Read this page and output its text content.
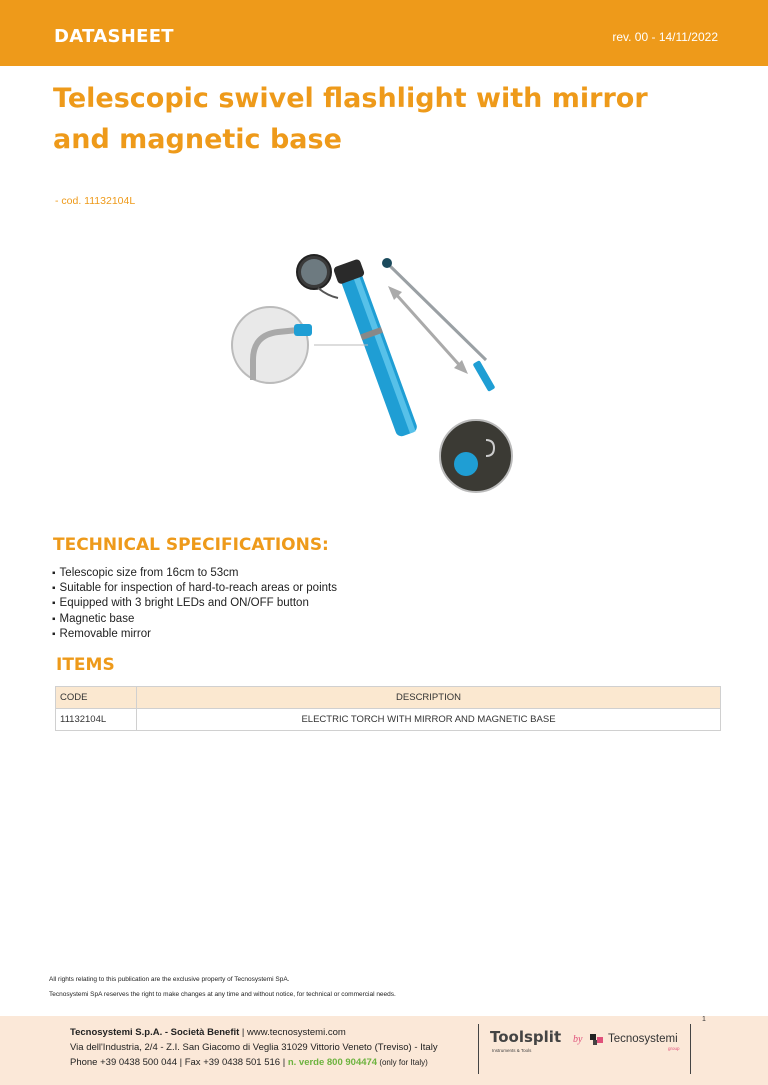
DATASHEET	rev. 00 - 14/11/2022
Telescopic swivel flashlight with mirror
and magnetic base
- cod. 11132104L
TECHNICAL SPECIFICATIONS:
▪ Telescopic size from 16cm to 53cm
▪ Suitable for inspection of hard-to-reach areas or points
▪ Equipped with 3 bright LEDs and ON/OFF button
▪ Magnetic base
▪ Removable mirror
ITEMS
CODE	DESCRIPTION
11132104L	ELECTRIC TORCH WITH MIRROR AND MAGNETIC BASE
All rights relating to this publication are the exclusive property of Tecnosystemi SpA.
Tecnosystemi SpA reserves the right to make changes at any time and without notice, for technical or commercial needs.
1
Tecnosystemi S.p.A. - Società Benefit | www.tecnosystemi.com
Via dell'Industria, 2/4 - Z.I. San Giacomo di Veglia 31029 Vittorio Veneto (Treviso) - Italy
Phone +39 0438 500 044 | Fax +39 0438 501 516 | n. verde 800 904474 (only for Italy)
Toolsplit
Instruments & Tools
by Tecnosystemi
group
